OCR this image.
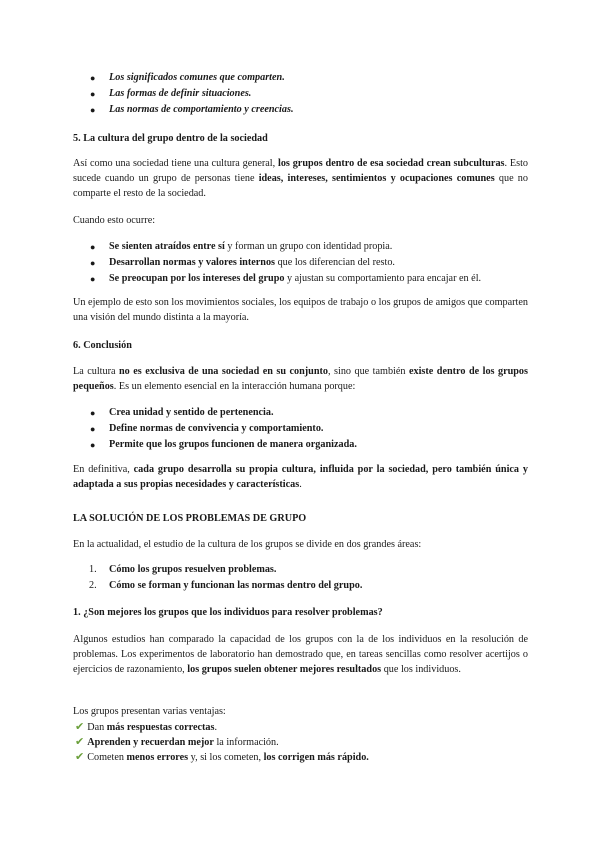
● Los significados comunes que comparten.
● Las formas de definir situaciones.
● Las normas de comportamiento y creencias.

5. La cultura del grupo dentro de la sociedad

Así como una sociedad tiene una cultura general, los grupos dentro de esa sociedad crean subculturas. Esto sucede cuando un grupo de personas tiene ideas, intereses, sentimientos y ocupaciones comunes que no comparte el resto de la sociedad.

Cuando esto ocurre:

● Se sienten atraídos entre sí y forman un grupo con identidad propia.
● Desarrollan normas y valores internos que los diferencian del resto.
● Se preocupan por los intereses del grupo y ajustan su comportamiento para encajar en él.

Un ejemplo de esto son los movimientos sociales, los equipos de trabajo o los grupos de amigos que comparten una visión del mundo distinta a la mayoría.

6. Conclusión

La cultura no es exclusiva de una sociedad en su conjunto, sino que también existe dentro de los grupos pequeños. Es un elemento esencial en la interacción humana porque:

● Crea unidad y sentido de pertenencia.
● Define normas de convivencia y comportamiento.
● Permite que los grupos funcionen de manera organizada.

En definitiva, cada grupo desarrolla su propia cultura, influida por la sociedad, pero también única y adaptada a sus propias necesidades y características.

LA SOLUCIÓN DE LOS PROBLEMAS DE GRUPO

En la actualidad, el estudio de la cultura de los grupos se divide en dos grandes áreas:

1. Cómo los grupos resuelven problemas.
2. Cómo se forman y funcionan las normas dentro del grupo.

1. ¿Son mejores los grupos que los individuos para resolver problemas?

Algunos estudios han comparado la capacidad de los grupos con la de los individuos en la resolución de problemas. Los experimentos de laboratorio han demostrado que, en tareas sencillas como resolver acertijos o ejercicios de razonamiento, los grupos suelen obtener mejores resultados que los individuos.

Los grupos presentan varias ventajas:

✔ Dan más respuestas correctas.
✔ Aprenden y recuerdan mejor la información.
✔ Cometen menos errores y, si los cometen, los corrigen más rápido.
